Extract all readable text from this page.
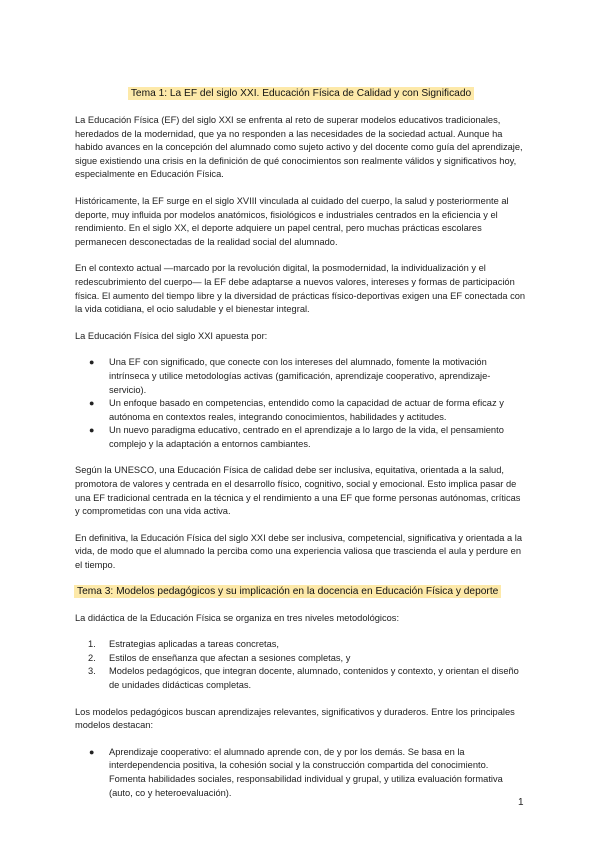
Tema 1: La EF del siglo XXI. Educación Física de Calidad y con Significado

La Educación Física (EF) del siglo XXI se enfrenta al reto de superar modelos educativos tradicionales, heredados de la modernidad, que ya no responden a las necesidades de la sociedad actual. Aunque ha habido avances en la concepción del alumnado como sujeto activo y del docente como guía del aprendizaje, sigue existiendo una crisis en la definición de qué conocimientos son realmente válidos y significativos hoy, especialmente en Educación Física.

Históricamente, la EF surge en el siglo XVIII vinculada al cuidado del cuerpo, la salud y posteriormente al deporte, muy influida por modelos anatómicos, fisiológicos e industriales centrados en la eficiencia y el rendimiento. En el siglo XX, el deporte adquiere un papel central, pero muchas prácticas escolares permanecen desconectadas de la realidad social del alumnado.

En el contexto actual —marcado por la revolución digital, la posmodernidad, la individualización y el redescubrimiento del cuerpo— la EF debe adaptarse a nuevos valores, intereses y formas de participación física. El aumento del tiempo libre y la diversidad de prácticas físico-deportivas exigen una EF conectada con la vida cotidiana, el ocio saludable y el bienestar integral.

La Educación Física del siglo XXI apuesta por:

● Una EF con significado, que conecte con los intereses del alumnado, fomente la motivación intrínseca y utilice metodologías activas (gamificación, aprendizaje cooperativo, aprendizaje-servicio).
● Un enfoque basado en competencias, entendido como la capacidad de actuar de forma eficaz y autónoma en contextos reales, integrando conocimientos, habilidades y actitudes.
● Un nuevo paradigma educativo, centrado en el aprendizaje a lo largo de la vida, el pensamiento complejo y la adaptación a entornos cambiantes.

Según la UNESCO, una Educación Física de calidad debe ser inclusiva, equitativa, orientada a la salud, promotora de valores y centrada en el desarrollo físico, cognitivo, social y emocional. Esto implica pasar de una EF tradicional centrada en la técnica y el rendimiento a una EF que forme personas autónomas, críticas y comprometidas con una vida activa.

En definitiva, la Educación Física del siglo XXI debe ser inclusiva, competencial, significativa y orientada a la vida, de modo que el alumnado la perciba como una experiencia valiosa que trascienda el aula y perdure en el tiempo.

Tema 3: Modelos pedagógicos y su implicación en la docencia en Educación Física y deporte

La didáctica de la Educación Física se organiza en tres niveles metodológicos:

1. Estrategias aplicadas a tareas concretas,
2. Estilos de enseñanza que afectan a sesiones completas, y
3. Modelos pedagógicos, que integran docente, alumnado, contenidos y contexto, y orientan el diseño de unidades didácticas completas.

Los modelos pedagógicos buscan aprendizajes relevantes, significativos y duraderos. Entre los principales modelos destacan:

● Aprendizaje cooperativo: el alumnado aprende con, de y por los demás. Se basa en la interdependencia positiva, la cohesión social y la construcción compartida del conocimiento. Fomenta habilidades sociales, responsabilidad individual y grupal, y utiliza evaluación formativa (auto, co y heteroevaluación).
1
